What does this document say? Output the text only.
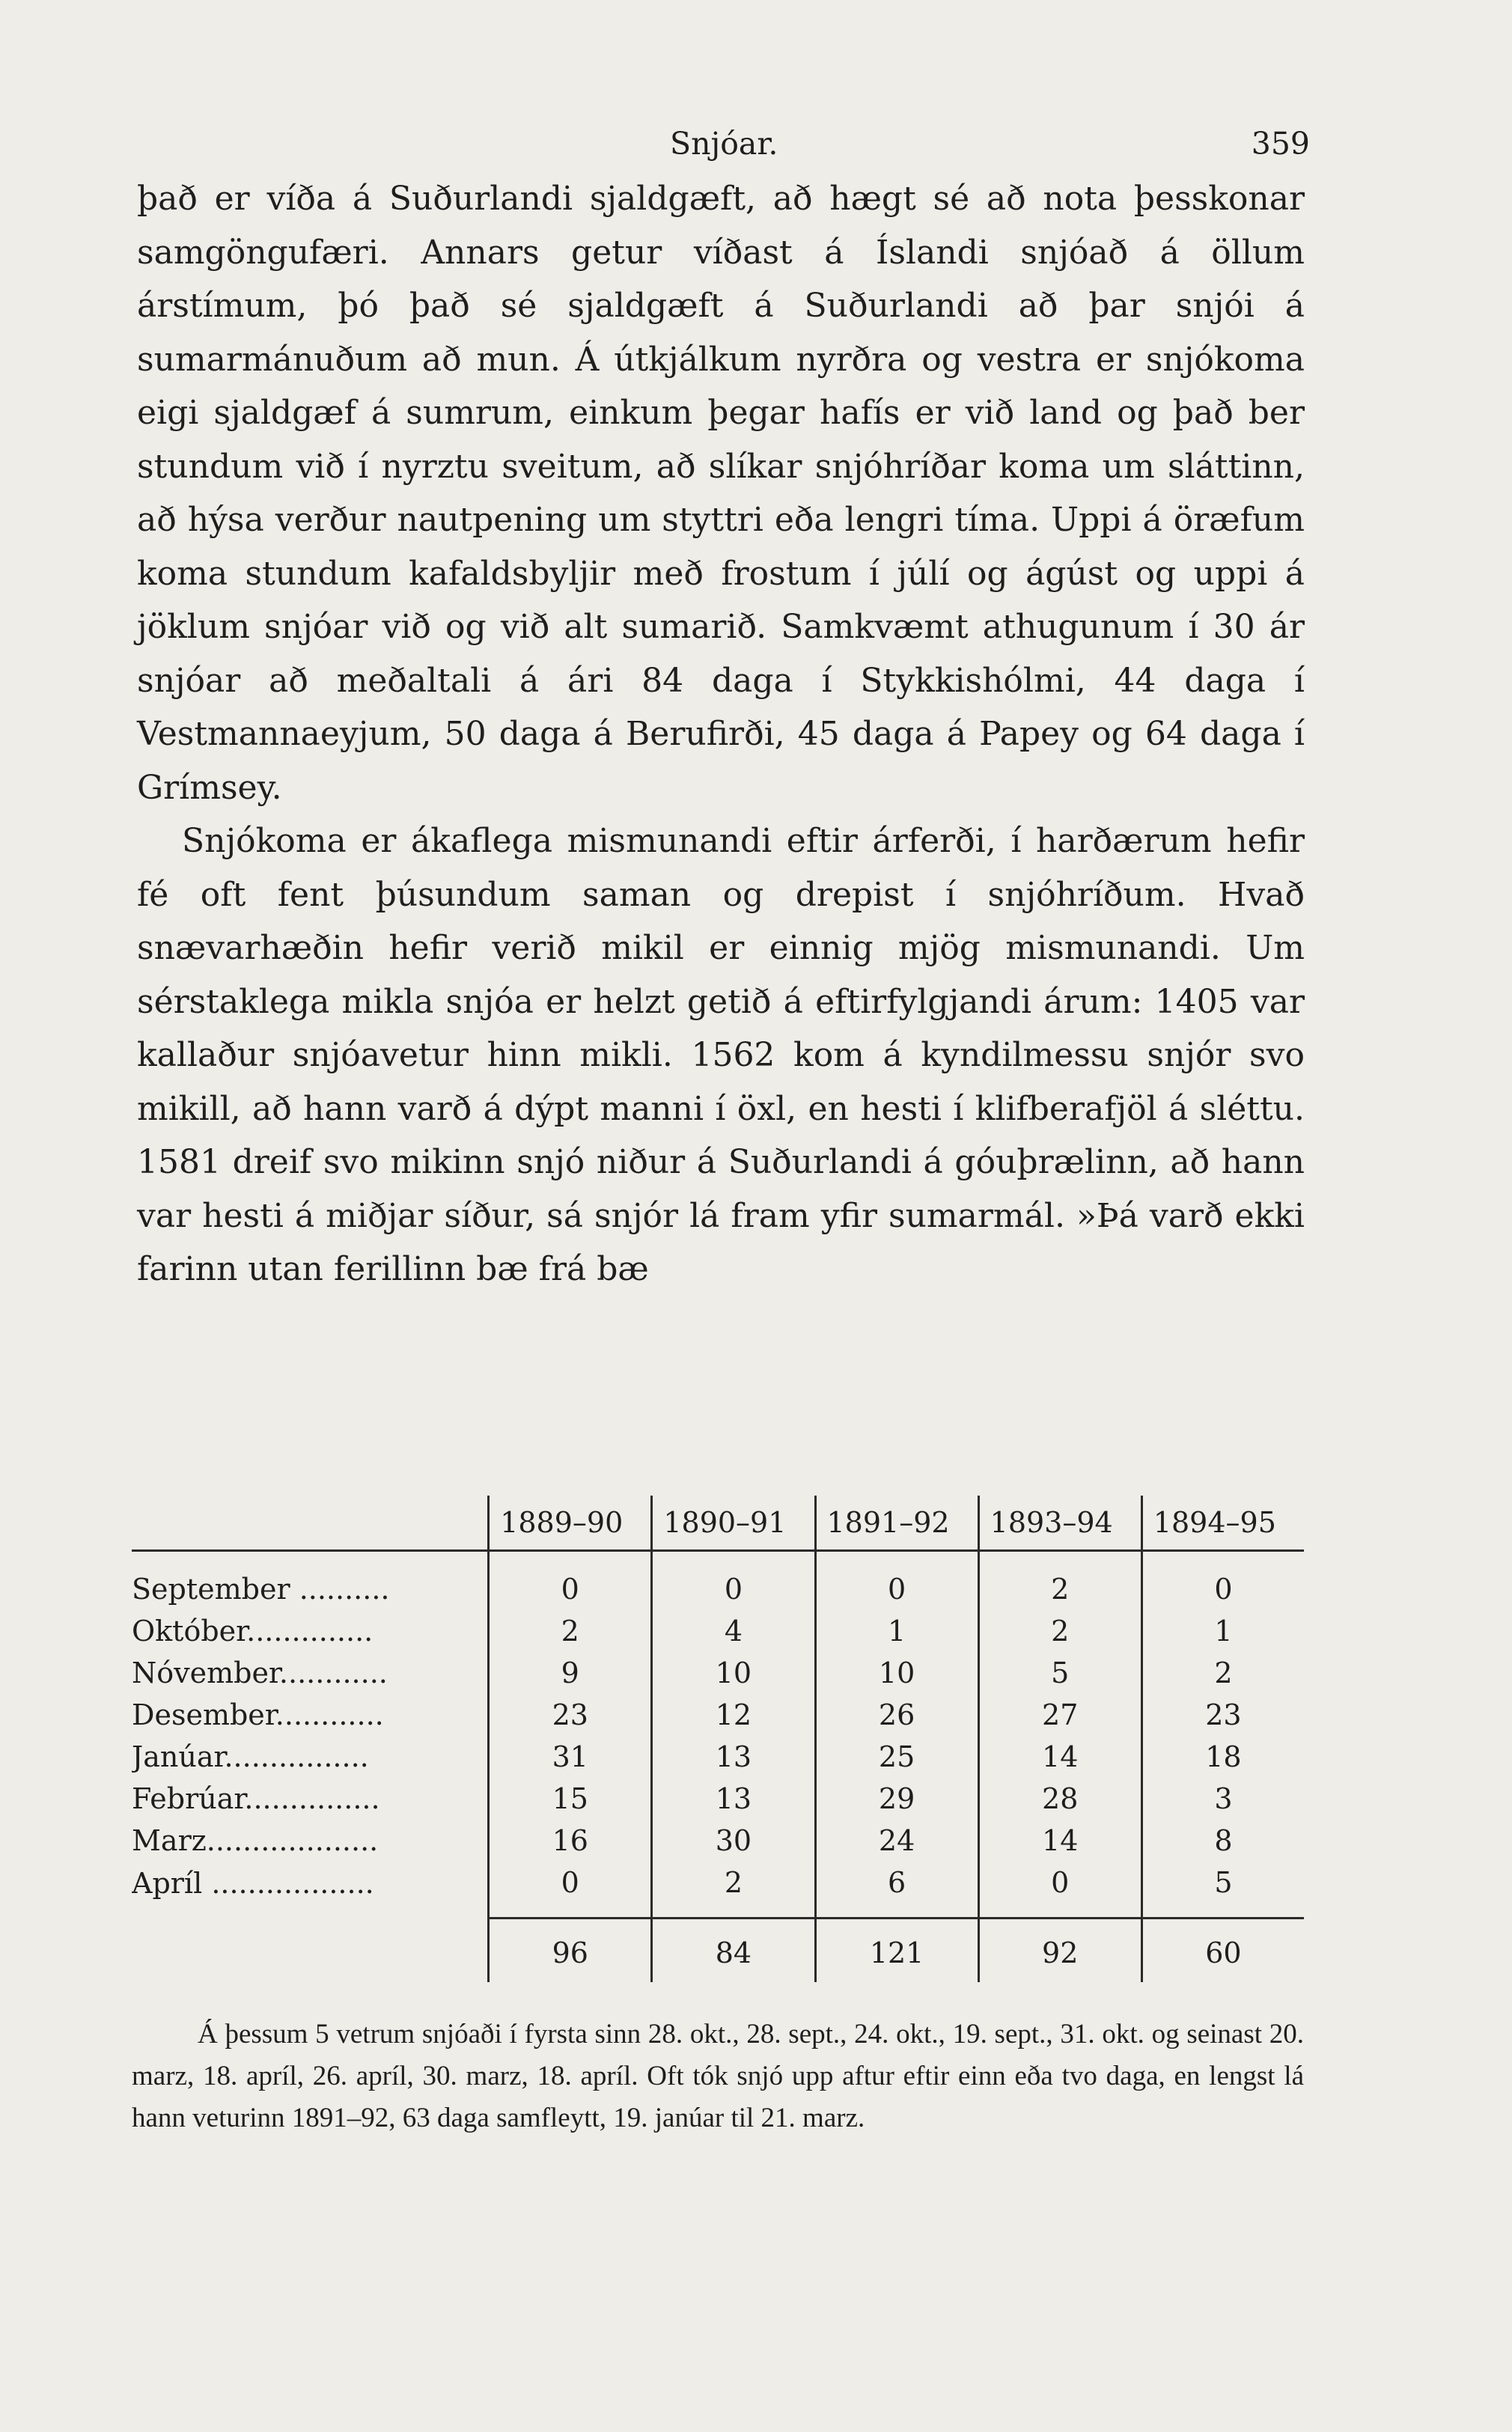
Snjóar.	359

það er víða á Suðurlandi sjaldgæft, að hægt sé að nota þesskonar samgöngufæri. Annars getur víðast á Íslandi snjóað á öllum árstímum, þó það sé sjaldgæft á Suðurlandi að þar snjói á sumarmánuðum að mun. Á útkjálkum nyrðra og vestra er snjókoma eigi sjaldgæf á sumrum, einkum þegar hafís er við land og það ber stundum við í nyrztu sveitum, að slíkar snjóhríðar koma um sláttinn, að hýsa verður nautpening um styttri eða lengri tíma. Uppi á öræfum koma stundum kafaldsbyljir með frostum í júlí og ágúst og uppi á jöklum snjóar við og við alt sumarið. Samkvæmt athugunum í 30 ár snjóar að meðaltali á ári 84 daga í Stykkishólmi, 44 daga í Vestmannaeyjum, 50 daga á Berufirði, 45 daga á Papey og 64 daga í Grímsey.

Snjókoma er ákaflega mismunandi eftir árferði, í harðærum hefir fé oft fent þúsundum saman og drepist í snjóhríðum. Hvað snævarhæðin hefir verið mikil er einnig mjög mismunandi. Um sérstaklega mikla snjóa er helzt getið á eftirfylgjandi árum: 1405 var kallaður snjóavetur hinn mikli. 1562 kom á kyndilmessu snjór svo mikill, að hann varð á dýpt manni í öxl, en hesti í klifberafjöl á sléttu. 1581 dreif svo mikinn snjó niður á Suðurlandi á góuþrælinn, að hann var hesti á miðjar síður, sá snjór lá fram yfir sumarmál. »Þá varð ekki farinn utan ferillinn bæ frá bæ

	1889–90	1890–91	1891–92	1893–94	1894–95
September ..........	0	0	0	2	0
Október..............	2	4	1	2	1
Nóvember............	9	10	10	5	2
Desember............	23	12	26	27	23
Janúar................	31	13	25	14	18
Febrúar...............	15	13	29	28	3
Marz...................	16	30	24	14	8
Apríl ..................	0	2	6	0	5
	96	84	121	92	60

Á þessum 5 vetrum snjóaði í fyrsta sinn 28. okt., 28. sept., 24. okt., 19. sept., 31. okt. og seinast 20. marz, 18. apríl, 26. apríl, 30. marz, 18. apríl. Oft tók snjó upp aftur eftir einn eða tvo daga, en lengst lá hann veturinn 1891–92, 63 daga samfleytt, 19. janúar til 21. marz.
